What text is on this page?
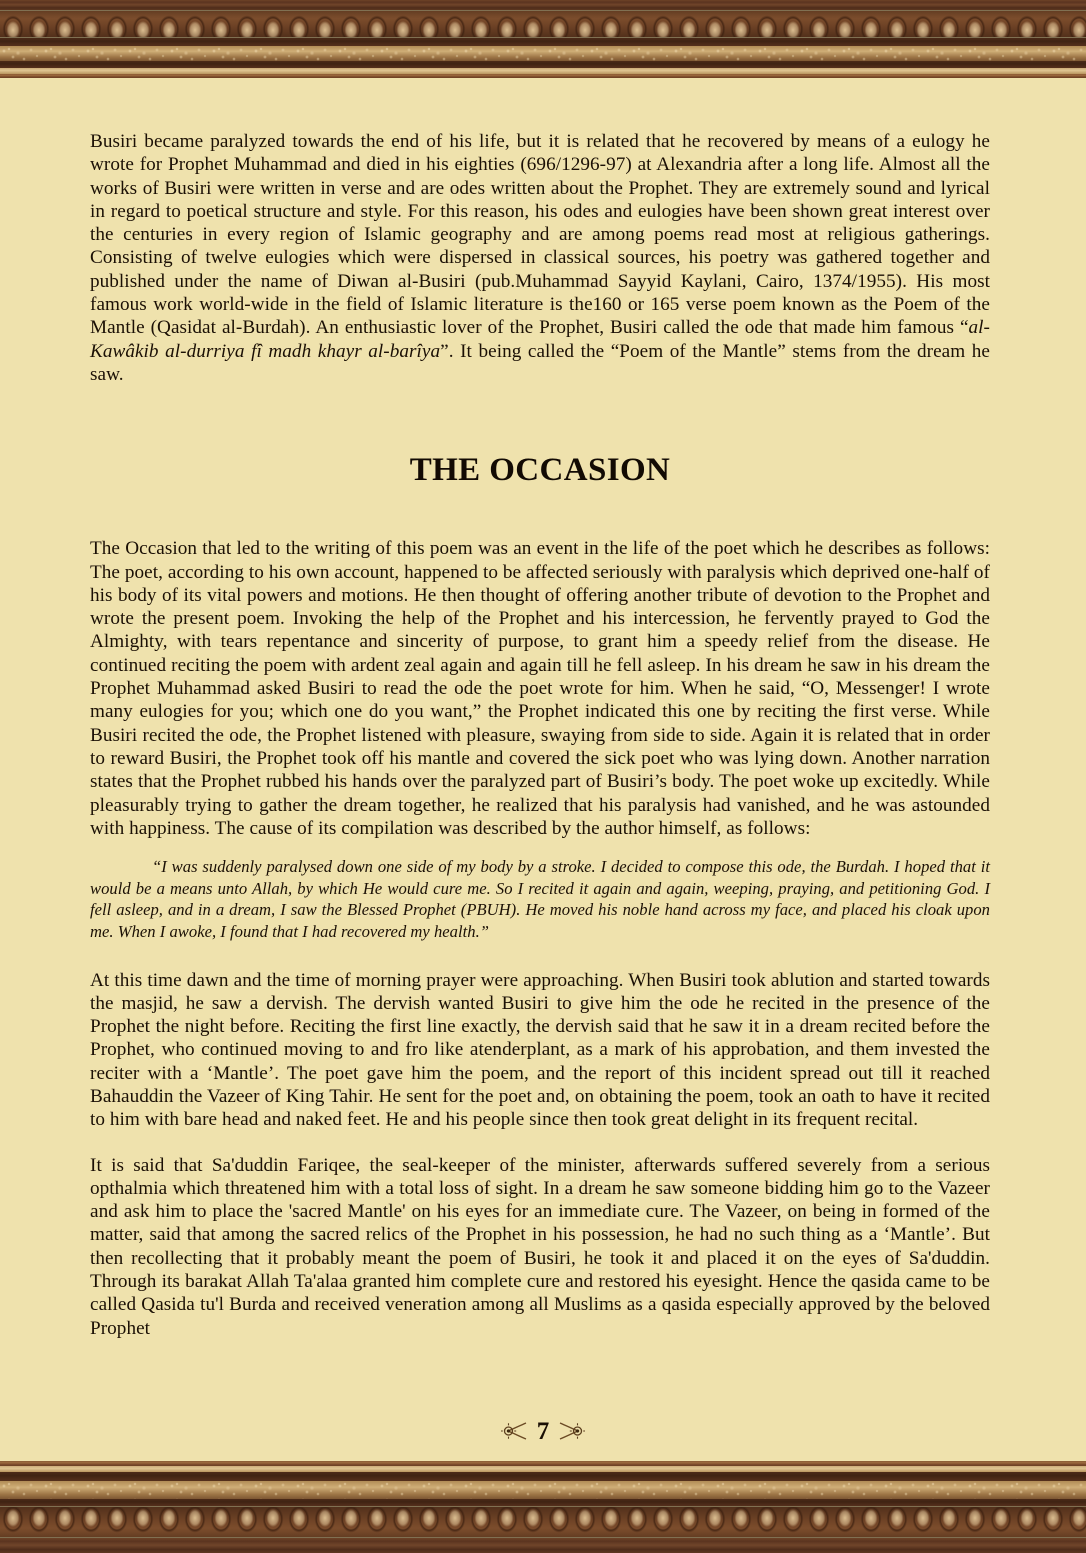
Busiri became paralyzed towards the end of his life, but it is related that he recovered by means of a eulogy he wrote for Prophet Muhammad and died in his eighties (696/1296-97) at Alexandria after a long life. Almost all the works of Busiri were written in verse and are odes written about the Prophet. They are extremely sound and lyrical in regard to poetical structure and style. For this reason, his odes and eulogies have been shown great interest over the centuries in every region of Islamic geography and are among poems read most at religious gatherings. Consisting of twelve eulogies which were dispersed in classical sources, his poetry was gathered together and published under the name of Diwan al-Busiri (pub.Muhammad Sayyid Kaylani, Cairo, 1374/1955). His most famous work world-wide in the field of Islamic literature is the160 or 165 verse poem known as the Poem of the Mantle (Qasidat al-Burdah). An enthusiastic lover of the Prophet, Busiri called the ode that made him famous “al-Kawâkib al-durriya fî madh khayr al-barîya”. It being called the “Poem of the Mantle” stems from the dream he saw.

THE OCCASION

The Occasion that led to the writing of this poem was an event in the life of the poet which he describes as follows: The poet, according to his own account, happened to be affected seriously with paralysis which deprived one-half of his body of its vital powers and motions. He then thought of offering another tribute of devotion to the Prophet and wrote the present poem. Invoking the help of the Prophet and his intercession, he fervently prayed to God the Almighty, with tears repentance and sincerity of purpose, to grant him a speedy relief from the disease. He continued reciting the poem with ardent zeal again and again till he fell asleep. In his dream he saw in his dream the Prophet Muhammad asked Busiri to read the ode the poet wrote for him. When he said, “O, Messenger! I wrote many eulogies for you; which one do you want,” the Prophet indicated this one by reciting the first verse. While Busiri recited the ode, the Prophet listened with pleasure, swaying from side to side. Again it is related that in order to reward Busiri, the Prophet took off his mantle and covered the sick poet who was lying down. Another narration states that the Prophet rubbed his hands over the paralyzed part of Busiri’s body. The poet woke up excitedly. While pleasurably trying to gather the dream together, he realized that his paralysis had vanished, and he was astounded with happiness. The cause of its compilation was described by the author himself, as follows:

“I was suddenly paralysed down one side of my body by a stroke. I decided to compose this ode, the Burdah. I hoped that it would be a means unto Allah, by which He would cure me. So I recited it again and again, weeping, praying, and petitioning God. I fell asleep, and in a dream, I saw the Blessed Prophet (PBUH). He moved his noble hand across my face, and placed his cloak upon me. When I awoke, I found that I had recovered my health.”

At this time dawn and the time of morning prayer were approaching. When Busiri took ablution and started towards the masjid, he saw a dervish. The dervish wanted Busiri to give him the ode he recited in the presence of the Prophet the night before. Reciting the first line exactly, the dervish said that he saw it in a dream recited before the Prophet, who continued moving to and fro like atenderplant, as a mark of his approbation, and them invested the reciter with a ‘Mantle’. The poet gave him the poem, and the report of this incident spread out till it reached Bahauddin the Vazeer of King Tahir. He sent for the poet and, on obtaining the poem, took an oath to have it recited to him with bare head and naked feet. He and his people since then took great delight in its frequent recital.

It is said that Sa'duddin Fariqee, the seal-keeper of the minister, afterwards suffered severely from a serious opthalmia which threatened him with a total loss of sight. In a dream he saw someone bidding him go to the Vazeer and ask him to place the 'sacred Mantle' on his eyes for an immediate cure. The Vazeer, on being in formed of the matter, said that among the sacred relics of the Prophet in his possession, he had no such thing as a ‘Mantle’. But then recollecting that it probably meant the poem of Busiri, he took it and placed it on the eyes of Sa'duddin. Through its barakat Allah Ta'alaa granted him complete cure and restored his eyesight. Hence the qasida came to be called Qasida tu'l Burda and received veneration among all Muslims as a qasida especially approved by the beloved Prophet

7
